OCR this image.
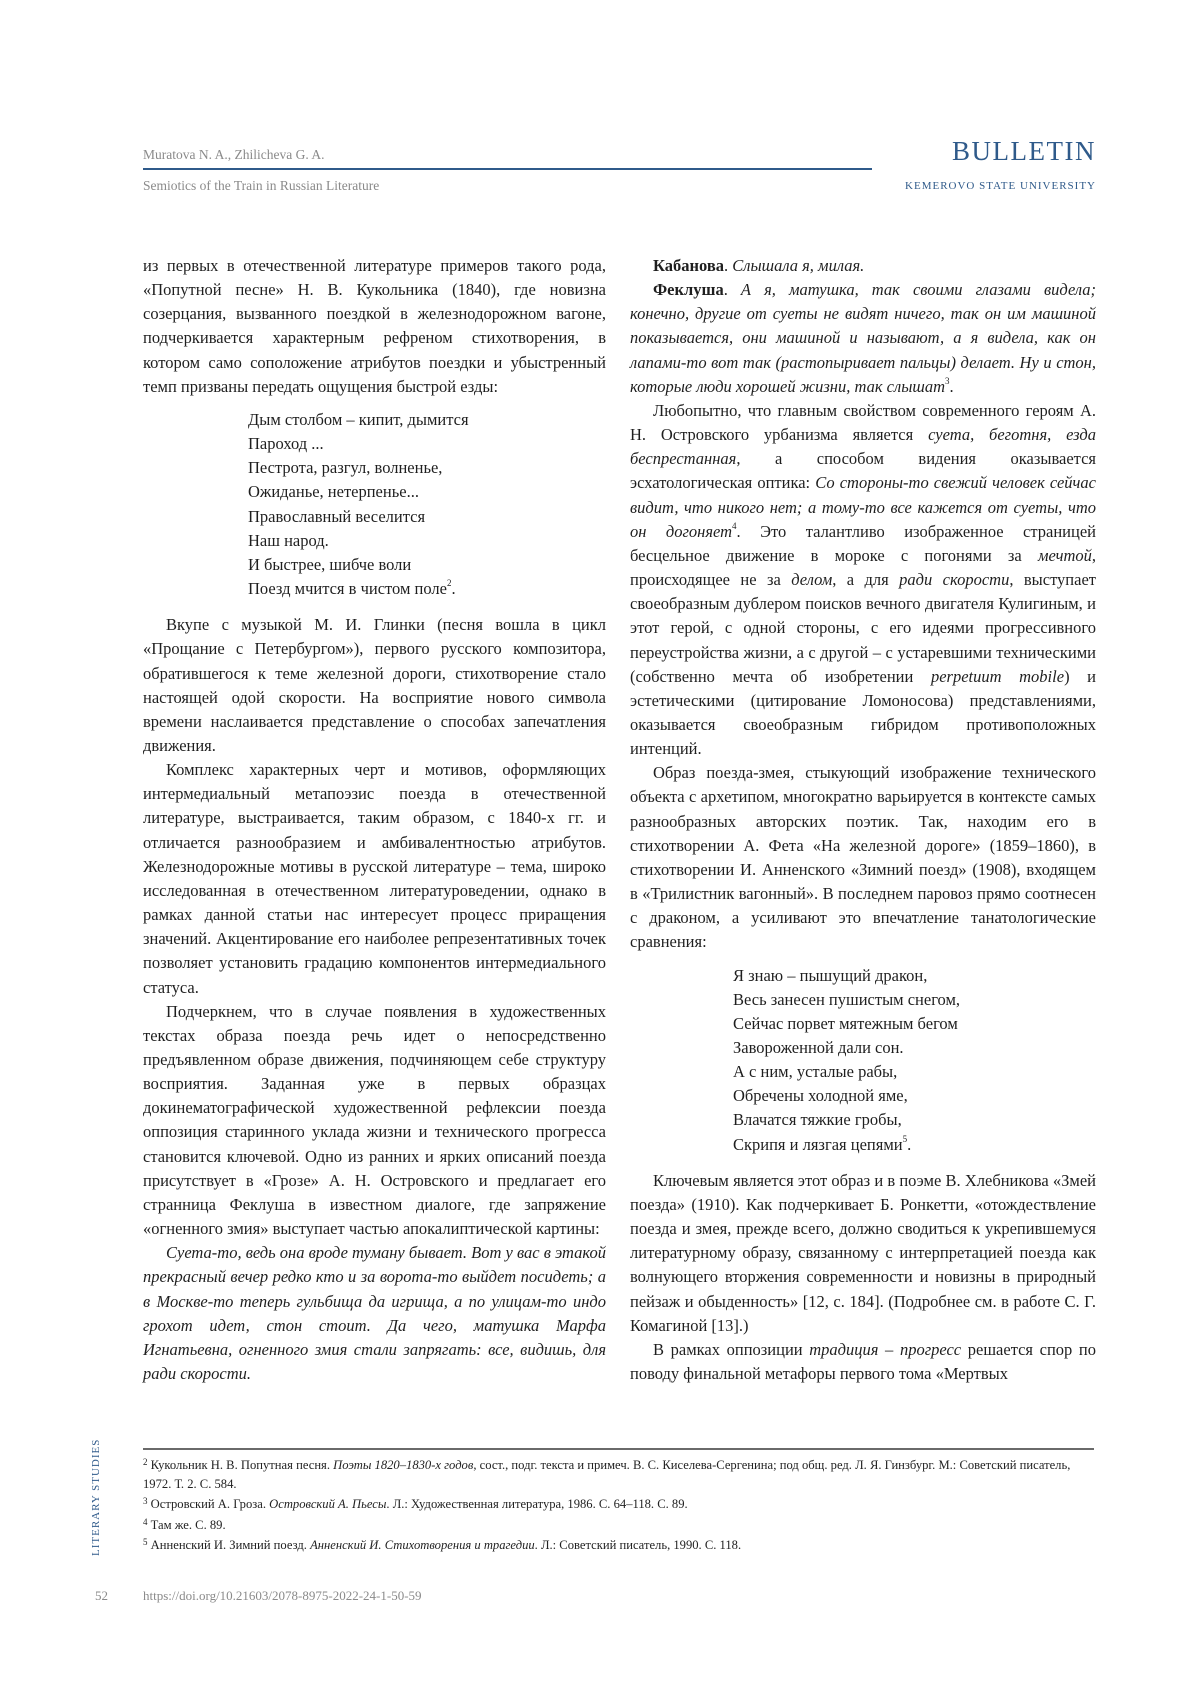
Muratova N. A., Zhilicheva G. A.
Semiotics of the Train in Russian Literature
BULLETIN
KEMEROVO STATE UNIVERSITY
из первых в отечественной литературе примеров такого рода, «Попутной песне» Н. В. Кукольника (1840), где новизна созерцания, вызванного поездкой в железнодорожном вагоне, подчеркивается характерным рефреном стихотворения, в котором само соположение атрибутов поездки и убыстренный темп призваны передать ощущения быстрой езды:
Дым столбом – кипит, дымится
Пароход ...
Пестрота, разгул, волненье,
Ожиданье, нетерпенье...
Православный веселится
Наш народ.
И быстрее, шибче воли
Поезд мчится в чистом поле$^2$.
Вкупе с музыкой М. И. Глинки (песня вошла в цикл «Прощание с Петербургом»), первого русского композитора, обратившегося к теме железной дороги, стихотворение стало настоящей одой скорости. На восприятие нового символа времени наслаивается представление о способах запечатления движения.
Комплекс характерных черт и мотивов, оформляющих интермедиальный метапоэзис поезда в отечественной литературе, выстраивается, таким образом, с 1840-х гг. и отличается разнообразием и амбивалентностью атрибутов. Железнодорожные мотивы в русской литературе – тема, широко исследованная в отечественном литературоведении, однако в рамках данной статьи нас интересует процесс приращения значений. Акцентирование его наиболее репрезентативных точек позволяет установить градацию компонентов интермедиального статуса.
Подчеркнем, что в случае появления в художественных текстах образа поезда речь идет о непосредственно предъявленном образе движения, подчиняющем себе структуру восприятия. Заданная уже в первых образцах докинематографической художественной рефлексии поезда оппозиция старинного уклада жизни и технического прогресса становится ключевой. Одно из ранних и ярких описаний поезда присутствует в «Грозе» А. Н. Островского и предлагает его странница Феклуша в известном диалоге, где запряжение «огненного змия» выступает частью апокалиптической картины:
Суета-то, ведь она вроде туману бывает. Вот у вас в этакой прекрасный вечер редко кто и за ворота-то выйдет посидеть; а в Москве-то теперь гульбища да игрища, а по улицам-то индо грохот идет, стон стоит. Да чего, матушка Марфа Игнатьевна, огненного змия стали запрягать: все, видишь, для ради скорости.
Кабанова. Слышала я, милая.
Феклуша. А я, матушка, так своими глазами видела; конечно, другие от суеты не видят ничего, так он им машиной показывается, они машиной и называют, а я видела, как он лапами-то вот так (растопыривает пальцы) делает. Ну и стон, которые люди хорошей жизни, так слышат$^3$.
Любопытно, что главным свойством современного героям А. Н. Островского урбанизма является суета, беготня, езда беспрестанная, а способом видения оказывается эсхатологическая оптика: Со стороны-то свежий человек сейчас видит, что никого нет; а тому-то все кажется от суеты, что он догоняет$^4$. Это талантливо изображенное страницей бесцельное движение в мороке с погонями за мечтой, происходящее не за делом, а для ради скорости, выступает своеобразным дублером поисков вечного двигателя Кулигиным, и этот герой, с одной стороны, с его идеями прогрессивного переустройства жизни, а с другой – с устаревшими техническими (собственно мечта об изобретении perpetuum mobile) и эстетическими (цитирование Ломоносова) представлениями, оказывается своеобразным гибридом противоположных интенций.
Образ поезда-змея, стыкующий изображение технического объекта с архетипом, многократно варьируется в контексте самых разнообразных авторских поэтик. Так, находим его в стихотворении А. Фета «На железной дороге» (1859–1860), в стихотворении И. Анненского «Зимний поезд» (1908), входящем в «Трилистник вагонный». В последнем паровоз прямо соотнесен с драконом, а усиливают это впечатление танатологические сравнения:
Я знаю – пышущий дракон,
Весь занесен пушистым снегом,
Сейчас порвет мятежным бегом
Завороженной дали сон.
А с ним, усталые рабы,
Обречены холодной яме,
Влачатся тяжкие гробы,
Скрипя и лязгая цепями$^5$.
Ключевым является этот образ и в поэме В. Хлебникова «Змей поезда» (1910). Как подчеркивает Б. Ронкетти, «отождествление поезда и змея, прежде всего, должно сводиться к укрепившемуся литературному образу, связанному с интерпретацией поезда как волнующего вторжения современности и новизны в природный пейзаж и обыденность» [12, с. 184]. (Подробнее см. в работе С. Г. Комагиной [13].)
В рамках оппозиции традиция – прогресс решается спор по поводу финальной метафоры первого тома «Мертвых
$^2$ Кукольник Н. В. Попутная песня. Поэты 1820–1830-х годов, сост., подг. текста и примеч. В. С. Киселева-Сергенина; под общ. ред. Л. Я. Гинзбург. М.: Советский писатель, 1972. Т. 2. С. 584.
$^3$ Островский А. Гроза. Островский А. Пьесы. Л.: Художественная литература, 1986. С. 64–118. С. 89.
$^4$ Там же. С. 89.
$^5$ Анненский И. Зимний поезд. Анненский И. Стихотворения и трагедии. Л.: Советский писатель, 1990. С. 118.
LITERARY STUDIES
52	https://doi.org/10.21603/2078-8975-2022-24-1-50-59
